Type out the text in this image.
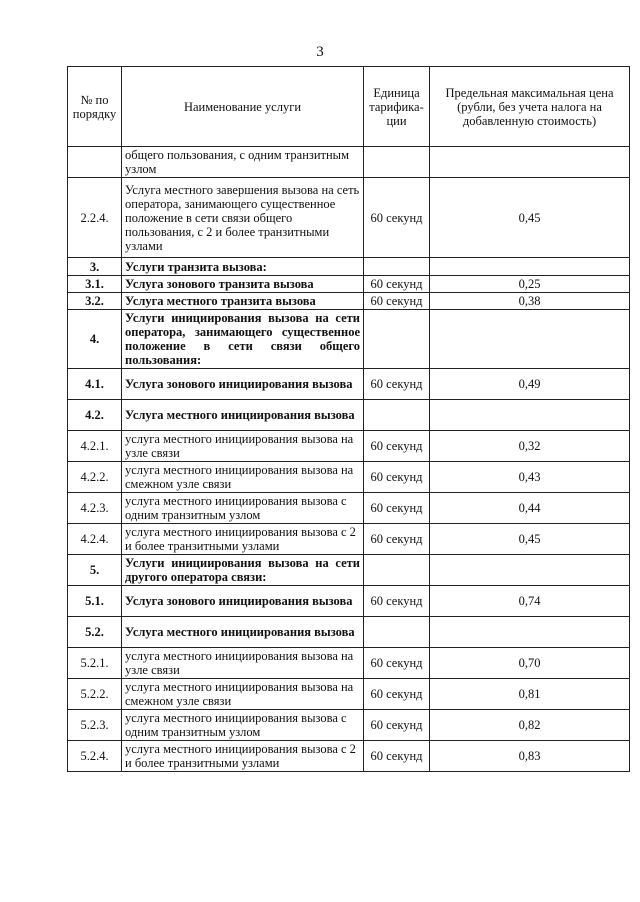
3
№ по порядку	Наименование услуги	Единица тарифика-ции	Предельная максимальная цена (рубли, без учета налога на добавленную стоимость)
	общего пользования, с одним транзитным узлом		
2.2.4.	Услуга местного завершения вызова на сеть оператора, занимающего существенное положение в сети связи общего пользования, с 2 и более транзитными узлами	60 секунд	0,45
3.	Услуги транзита вызова:		
3.1.	Услуга зонового транзита вызова	60 секунд	0,25
3.2.	Услуга местного транзита вызова	60 секунд	0,38
4.	Услуги инициирования вызова на сети оператора, занимающего существенное положение в сети связи общего пользования:		
4.1.	Услуга зонового инициирования вызова	60 секунд	0,49
4.2.	Услуга местного инициирования вызова		
4.2.1.	услуга местного инициирования вызова на узле связи	60 секунд	0,32
4.2.2.	услуга местного инициирования вызова на смежном узле связи	60 секунд	0,43
4.2.3.	услуга местного инициирования вызова с одним транзитным узлом	60 секунд	0,44
4.2.4.	услуга местного инициирования вызова с 2 и более транзитными узлами	60 секунд	0,45
5.	Услуги инициирования вызова на сети другого оператора связи:		
5.1.	Услуга зонового инициирования вызова	60 секунд	0,74
5.2.	Услуга местного инициирования вызова		
5.2.1.	услуга местного инициирования вызова на узле связи	60 секунд	0,70
5.2.2.	услуга местного инициирования вызова на смежном узле связи	60 секунд	0,81
5.2.3.	услуга местного инициирования вызова с одним транзитным узлом	60 секунд	0,82
5.2.4.	услуга местного инициирования вызова с 2 и более транзитными узлами	60 секунд	0,83
